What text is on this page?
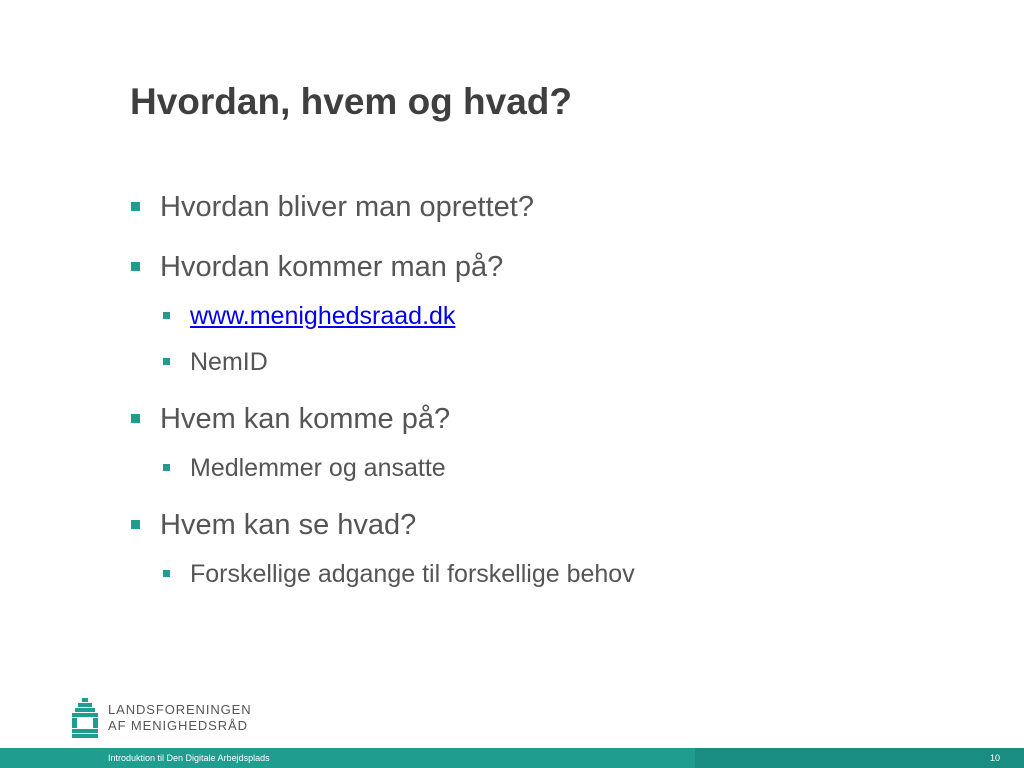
Hvordan, hvem og hvad?
Hvordan bliver man oprettet?
Hvordan kommer man på?
www.menighedsraad.dk
NemID
Hvem kan komme på?
Medlemmer og ansatte
Hvem kan se hvad?
Forskellige adgange til forskellige behov
LANDSFORENINGEN
AF MENIGHEDSRÅD
Introduktion til Den Digitale Arbejdsplads	10
